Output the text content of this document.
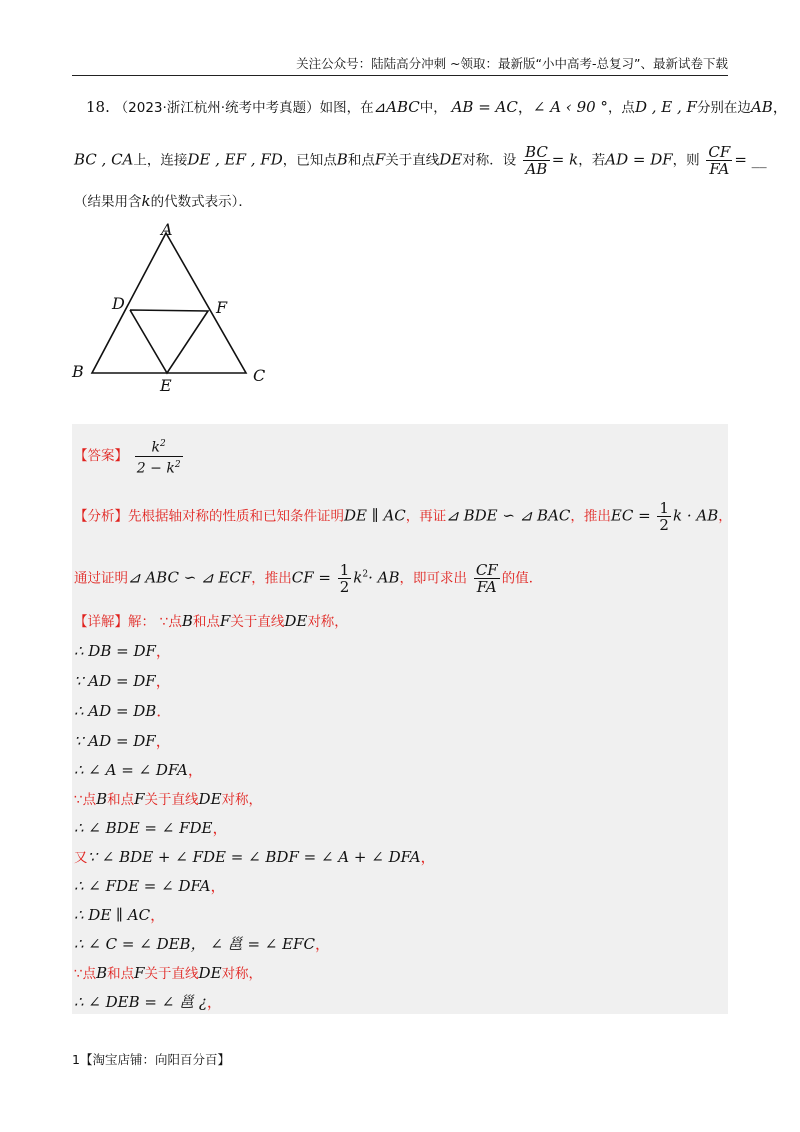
关注公众号：陆陆高分冲刺 ~领取：最新版“小中高考-总复习”、最新试卷下载
18. （2023·浙江杭州·统考中考真题）如图，在⊿ABC中， AB = AC，∠ A ‹ 90 °，点D , E , F分别在边AB，
BC , CA上，连接DE , EF , FD，已知点B和点F关于直线DE对称．设 $\frac{BC}{AB} = k$，若AD = DF，则 $\frac{CF}{FA}$ = __
（结果用含k的代数式表示）．
A
B	C
D
E
F
【答案】 $\frac{k^2}{2 - k^2}$
【分析】先根据轴对称的性质和已知条件证明DE ∥ AC，再证⊿ BDE ∽ ⊿ BAC，推出EC = $\frac{1}{2}$ k · AB，
通过证明⊿ ABC ∽ ⊿ ECF，推出CF = $\frac{1}{2} k^2\cdot$ AB，即可求出 $\frac{CF}{FA}$ 的值．
【详解】解： ∵点B和点F关于直线DE对称，
∴ DB = DF，
∵ AD = DF，
∴ AD = DB．
∵ AD = DF，
∴ ∠ A = ∠ DFA，
∵点B和点F关于直线DE对称，
∴ ∠ BDE = ∠ FDE，
又∵ ∠ BDE + ∠ FDE = ∠ BDF = ∠ A + ∠ DFA，
∴ ∠ FDE = ∠ DFA，
∴ DE ∥ AC，
∴ ∠ C = ∠ DEB， ∠ 邕 = ∠ EFC，
∵点B和点F关于直线DE对称，
∴ ∠ DEB = ∠ 邕 ¿，
1【淘宝店铺：向阳百分百】
